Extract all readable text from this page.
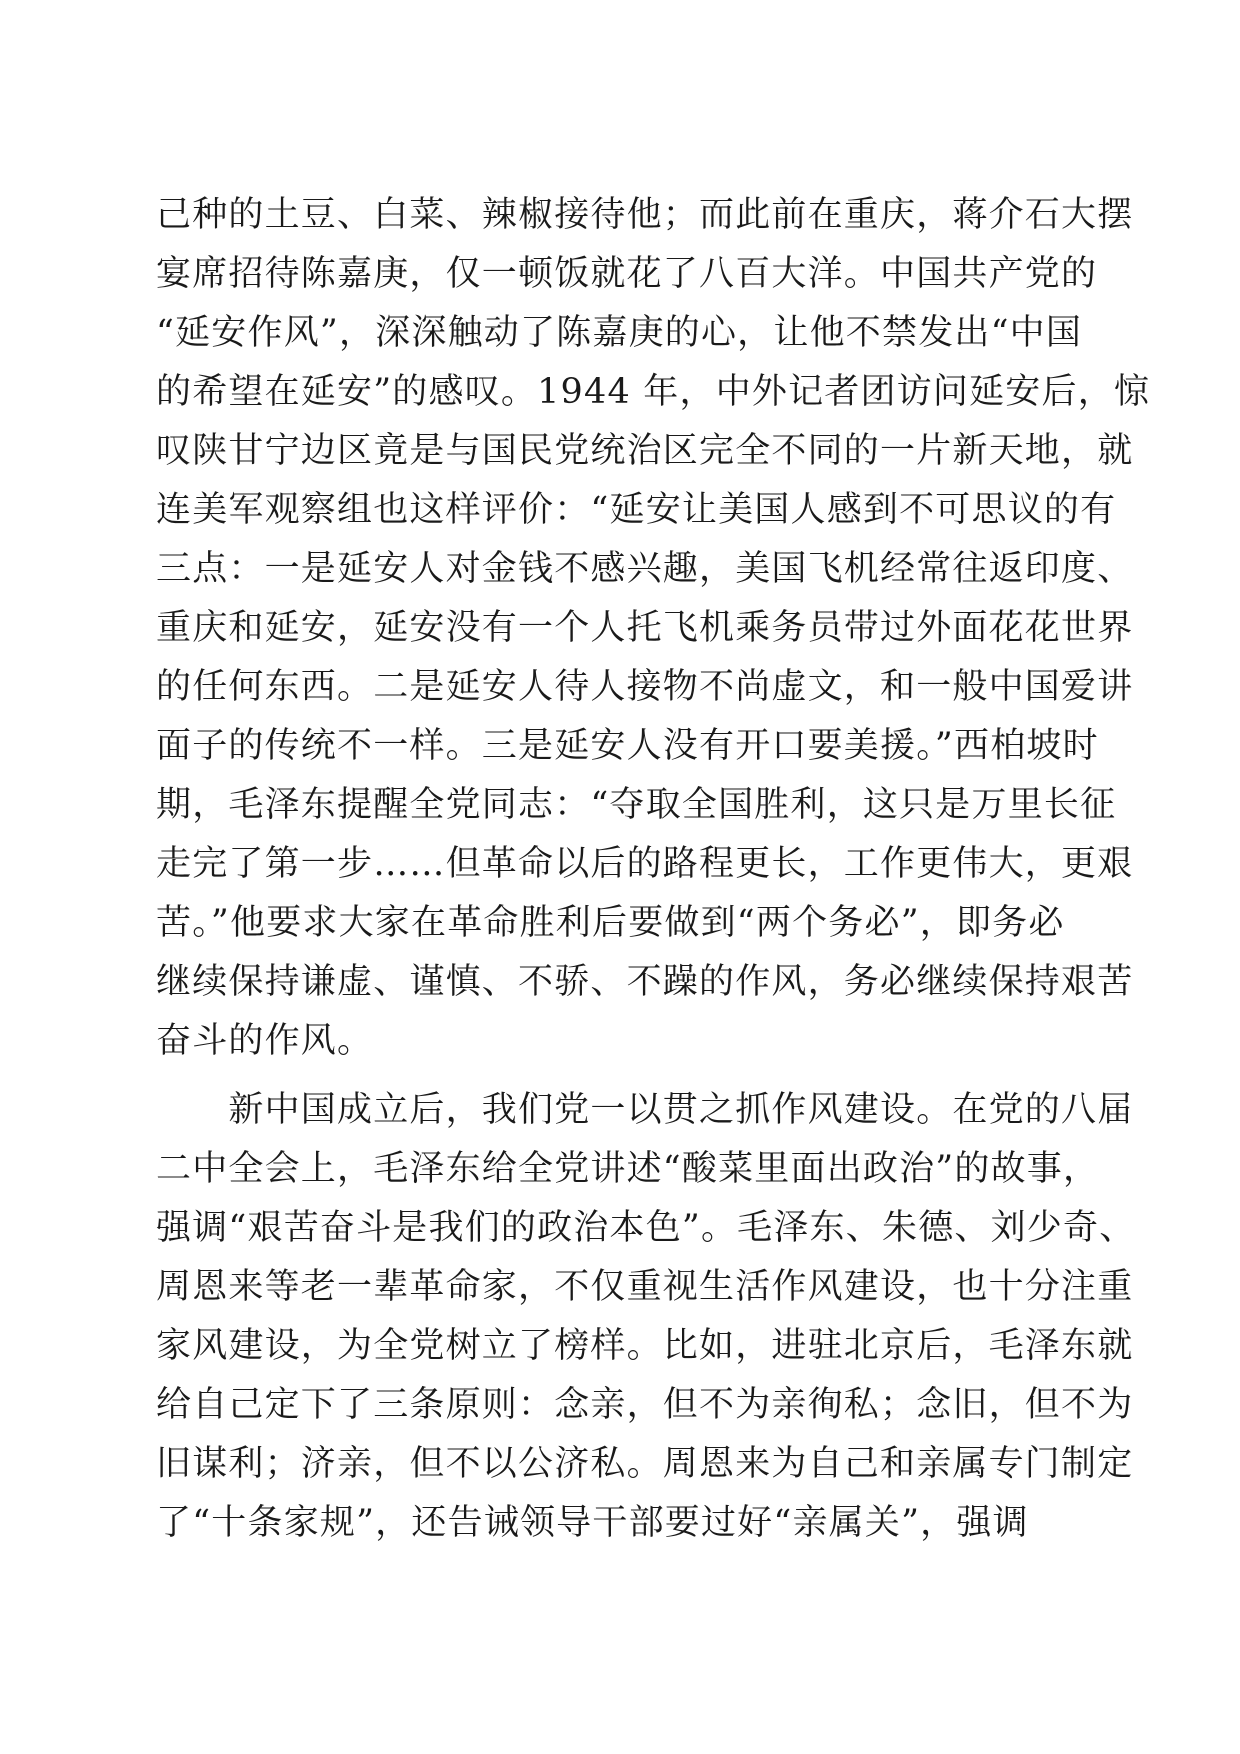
己种的土豆、白菜、辣椒接待他；而此前在重庆，蒋介石大摆
宴席招待陈嘉庚，仅一顿饭就花了八百大洋。中国共产党的
“延安作风”，深深触动了陈嘉庚的心，让他不禁发出“中国
的希望在延安”的感叹。1944 年，中外记者团访问延安后，惊
叹陕甘宁边区竟是与国民党统治区完全不同的一片新天地，就
连美军观察组也这样评价：“延安让美国人感到不可思议的有
三点：一是延安人对金钱不感兴趣，美国飞机经常往返印度、
重庆和延安，延安没有一个人托飞机乘务员带过外面花花世界
的任何东西。二是延安人待人接物不尚虚文，和一般中国爱讲
面子的传统不一样。三是延安人没有开口要美援。”西柏坡时
期，毛泽东提醒全党同志：“夺取全国胜利，这只是万里长征
走完了第一步……但革命以后的路程更长，工作更伟大，更艰
苦。”他要求大家在革命胜利后要做到“两个务必”，即务必
继续保持谦虚、谨慎、不骄、不躁的作风，务必继续保持艰苦
奋斗的作风。
　　新中国成立后，我们党一以贯之抓作风建设。在党的八届
二中全会上，毛泽东给全党讲述“酸菜里面出政治”的故事，
强调“艰苦奋斗是我们的政治本色”。毛泽东、朱德、刘少奇、
周恩来等老一辈革命家，不仅重视生活作风建设，也十分注重
家风建设，为全党树立了榜样。比如，进驻北京后，毛泽东就
给自己定下了三条原则：念亲，但不为亲徇私；念旧，但不为
旧谋利；济亲，但不以公济私。周恩来为自己和亲属专门制定
了“十条家规”，还告诫领导干部要过好“亲属关”，强调
